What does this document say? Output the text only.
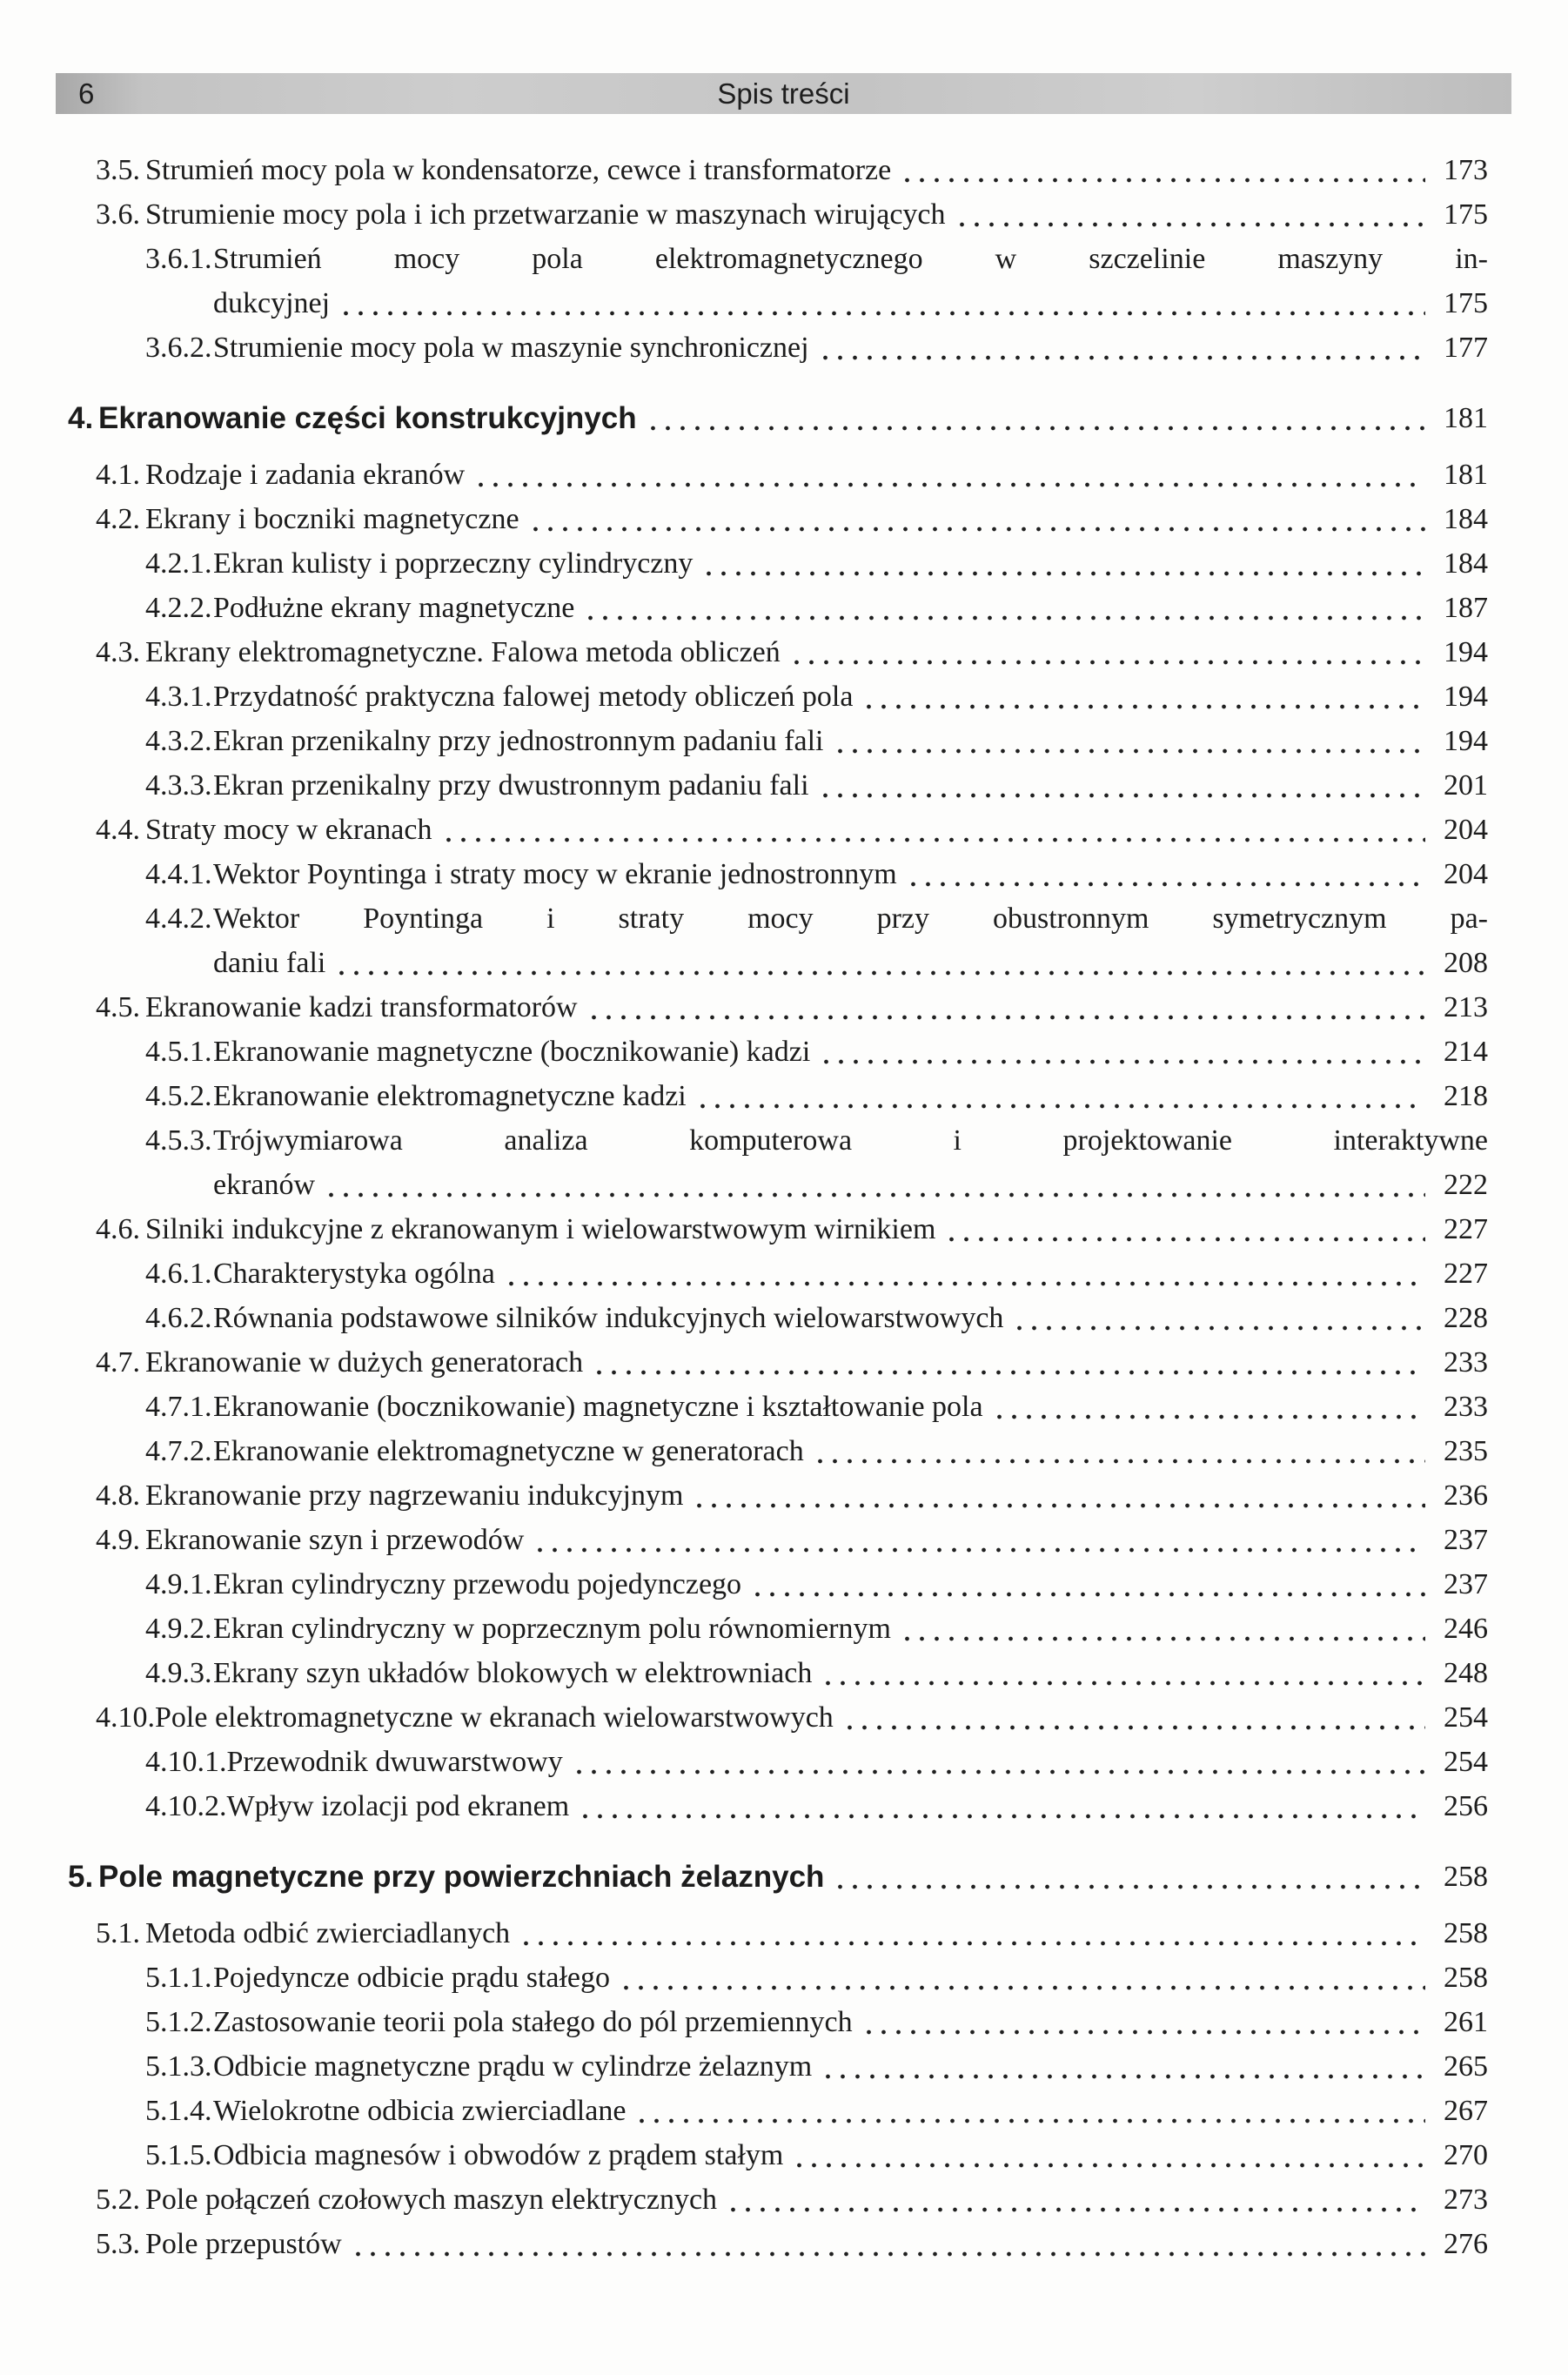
6	Spis treści
3.5. Strumień mocy pola w kondensatorze, cewce i transformatorze	173
3.6. Strumienie mocy pola i ich przetwarzanie w maszynach wirujących	175
3.6.1. Strumień mocy pola elektromagnetycznego w szczelinie maszyny in-
dukcyjnej	175
3.6.2. Strumienie mocy pola w maszynie synchronicznej	177
4. Ekranowanie części konstrukcyjnych	181
4.1. Rodzaje i zadania ekranów	181
4.2. Ekrany i boczniki magnetyczne	184
4.2.1. Ekran kulisty i poprzeczny cylindryczny	184
4.2.2. Podłużne ekrany magnetyczne	187
4.3. Ekrany elektromagnetyczne. Falowa metoda obliczeń	194
4.3.1. Przydatność praktyczna falowej metody obliczeń pola	194
4.3.2. Ekran przenikalny przy jednostronnym padaniu fali	194
4.3.3. Ekran przenikalny przy dwustronnym padaniu fali	201
4.4. Straty mocy w ekranach	204
4.4.1. Wektor Poyntinga i straty mocy w ekranie jednostronnym	204
4.4.2. Wektor Poyntinga i straty mocy przy obustronnym symetrycznym pa-
daniu fali	208
4.5. Ekranowanie kadzi transformatorów	213
4.5.1. Ekranowanie magnetyczne (bocznikowanie) kadzi	214
4.5.2. Ekranowanie elektromagnetyczne kadzi	218
4.5.3. Trójwymiarowa analiza komputerowa i projektowanie interaktywne
ekranów	222
4.6. Silniki indukcyjne z ekranowanym i wielowarstwowym wirnikiem	227
4.6.1. Charakterystyka ogólna	227
4.6.2. Równania podstawowe silników indukcyjnych wielowarstwowych	228
4.7. Ekranowanie w dużych generatorach	233
4.7.1. Ekranowanie (bocznikowanie) magnetyczne i kształtowanie pola	233
4.7.2. Ekranowanie elektromagnetyczne w generatorach	235
4.8. Ekranowanie przy nagrzewaniu indukcyjnym	236
4.9. Ekranowanie szyn i przewodów	237
4.9.1. Ekran cylindryczny przewodu pojedynczego	237
4.9.2. Ekran cylindryczny w poprzecznym polu równomiernym	246
4.9.3. Ekrany szyn układów blokowych w elektrowniach	248
4.10. Pole elektromagnetyczne w ekranach wielowarstwowych	254
4.10.1. Przewodnik dwuwarstwowy	254
4.10.2. Wpływ izolacji pod ekranem	256
5. Pole magnetyczne przy powierzchniach żelaznych	258
5.1. Metoda odbić zwierciadlanych	258
5.1.1. Pojedyncze odbicie prądu stałego	258
5.1.2. Zastosowanie teorii pola stałego do pól przemiennych	261
5.1.3. Odbicie magnetyczne prądu w cylindrze żelaznym	265
5.1.4. Wielokrotne odbicia zwierciadlane	267
5.1.5. Odbicia magnesów i obwodów z prądem stałym	270
5.2. Pole połączeń czołowych maszyn elektrycznych	273
5.3. Pole przepustów	276
